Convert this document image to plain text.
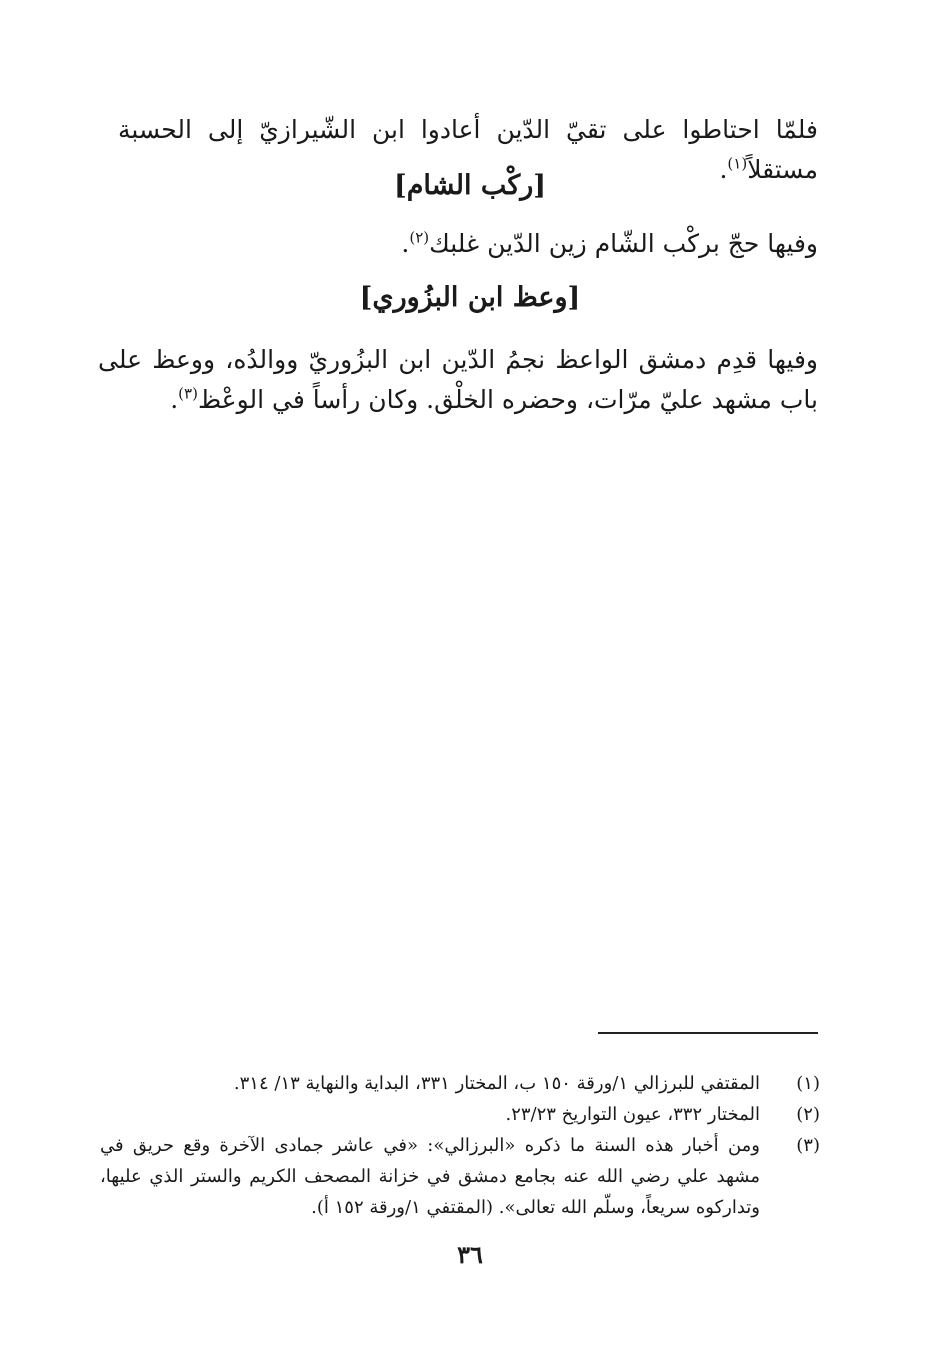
فلمّا احتاطوا على تقيّ الدّين أعادوا ابن الشّيرازيّ إلى الحسبة مستقلاً$^{(١)}$.

[ركْب الشام]

وفيها حجّ بركْب الشّام زين الدّين غلبك$^{(٢)}$.

[وعظ ابن البزُوري]

وفيها قدِم دمشق الواعظ نجمُ الدّين ابن البزُوريّ ووالدُه، ووعظ على باب مشهد عليّ مرّات، وحضره الخلْق. وكان رأساً في الوعْظ$^{(٣)}$.

(١)
المقتفي للبرزالي ١/ورقة ١٥٠ ب، المختار ٣٣١، البداية والنهاية ١٣/ ٣١٤.
(٢)
المختار ٣٣٢، عيون التواريخ ٢٣/٢٣.
(٣)
ومن أخبار هذه السنة ما ذكره «البرزالي»: «في عاشر جمادى الآخرة وقع حريق في مشهد علي رضي الله عنه بجامع دمشق في خزانة المصحف الكريم والستر الذي عليها، وتداركوه سريعاً، وسلّم الله تعالى». (المقتفي ١/ورقة ١٥٢ أ).

٣٦
